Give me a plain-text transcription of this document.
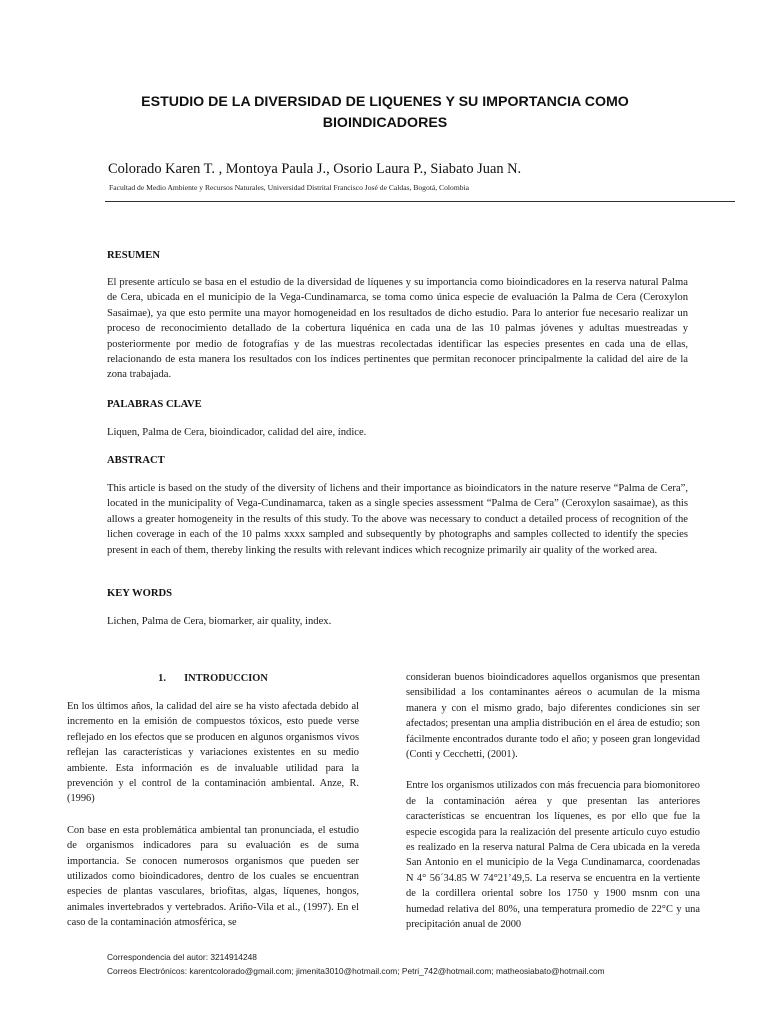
ESTUDIO DE LA DIVERSIDAD DE LIQUENES Y SU IMPORTANCIA COMO BIOINDICADORES
Colorado Karen T. , Montoya Paula J., Osorio Laura P., Siabato Juan N.
Facultad de Medio Ambiente y Recursos Naturales, Universidad Distrital Francisco José de Caldas, Bogotá, Colombia
RESUMEN
El presente artículo se basa en el estudio de la diversidad de líquenes y su importancia como bioindicadores en la reserva natural Palma de Cera, ubicada en el municipio de la Vega-Cundinamarca, se toma como única especie de evaluación la Palma de Cera (Ceroxylon Sasaimae), ya que esto permite una mayor homogeneidad en los resultados de dicho estudio. Para lo anterior fue necesario realizar un proceso de reconocimiento detallado de la cobertura liquénica en cada una de las 10 palmas jóvenes y adultas muestreadas y posteriormente por medio de fotografías y de las muestras recolectadas identificar las especies presentes en cada una de ellas, relacionando de esta manera los resultados con los índices pertinentes que permitan reconocer principalmente la calidad del aire de la zona trabajada.
PALABRAS CLAVE
Liquen, Palma de Cera, bioindicador, calidad del aire, índice.
ABSTRACT
This article is based on the study of the diversity of lichens and their importance as bioindicators in the nature reserve “Palma de Cera”, located in the municipality of Vega-Cundinamarca, taken as a single species assessment “Palma de Cera” (Ceroxylon sasaimae), as this allows a greater homogeneity in the results of this study. To the above was necessary to conduct a detailed process of recognition of the lichen coverage in each of the 10 palms xxxx sampled and subsequently by photographs and samples collected to identify the species present in each of them, thereby linking the results with relevant indices which recognize primarily air quality of the worked area.
KEY WORDS
Lichen, Palma de Cera, biomarker, air quality, index.
1.       INTRODUCCION
En los últimos años, la calidad del aire se ha visto afectada debido al incremento en la emisión de compuestos tóxicos, esto puede verse reflejado en los efectos que se producen en algunos organismos vivos reflejan las características y variaciones existentes en su medio ambiente. Esta información es de invaluable utilidad para la prevención y el control de la contaminación ambiental. Anze, R. (1996)
Con base en esta problemática ambiental tan pronunciada, el estudio de organismos indicadores para su evaluación es de suma importancia. Se conocen numerosos organismos que pueden ser utilizados como bioindicadores, dentro de los cuales se encuentran especies de plantas vasculares, briofitas, algas, líquenes, hongos, animales invertebrados y vertebrados. Ariño-Vila et al., (1997). En el caso de la contaminación atmosférica, se
consideran buenos bioindicadores aquellos organismos que presentan sensibilidad a los contaminantes aéreos o acumulan de la misma manera y con el mismo grado, bajo diferentes condiciones sin ser afectados; presentan una amplia distribución en el área de estudio; son fácilmente encontrados durante todo el año; y poseen gran longevidad (Conti y Cecchetti, (2001).
Entre los organismos utilizados con más frecuencia para biomonitoreo de la contaminación aérea y que presentan las anteriores características se encuentran los líquenes, es por ello que fue la especie escogida para la realización del presente artículo cuyo estudio es realizado en la reserva natural Palma de Cera ubicada en la vereda San Antonio en el municipio de la Vega Cundinamarca, coordenadas N 4° 56´34.85 W 74°21’49,5. La reserva se encuentra en la vertiente de la cordillera oriental sobre los 1750 y 1900 msnm con una humedad relativa del 80%, una temperatura promedio de 22°C y una precipitación anual de 2000
Correspondencia del autor: 3214914248
Correos Electrónicos: karentcolorado@gmail.com; jimenita3010@hotmail.com; Petri_742@hotmail.com; matheosiabato@hotmail.com
